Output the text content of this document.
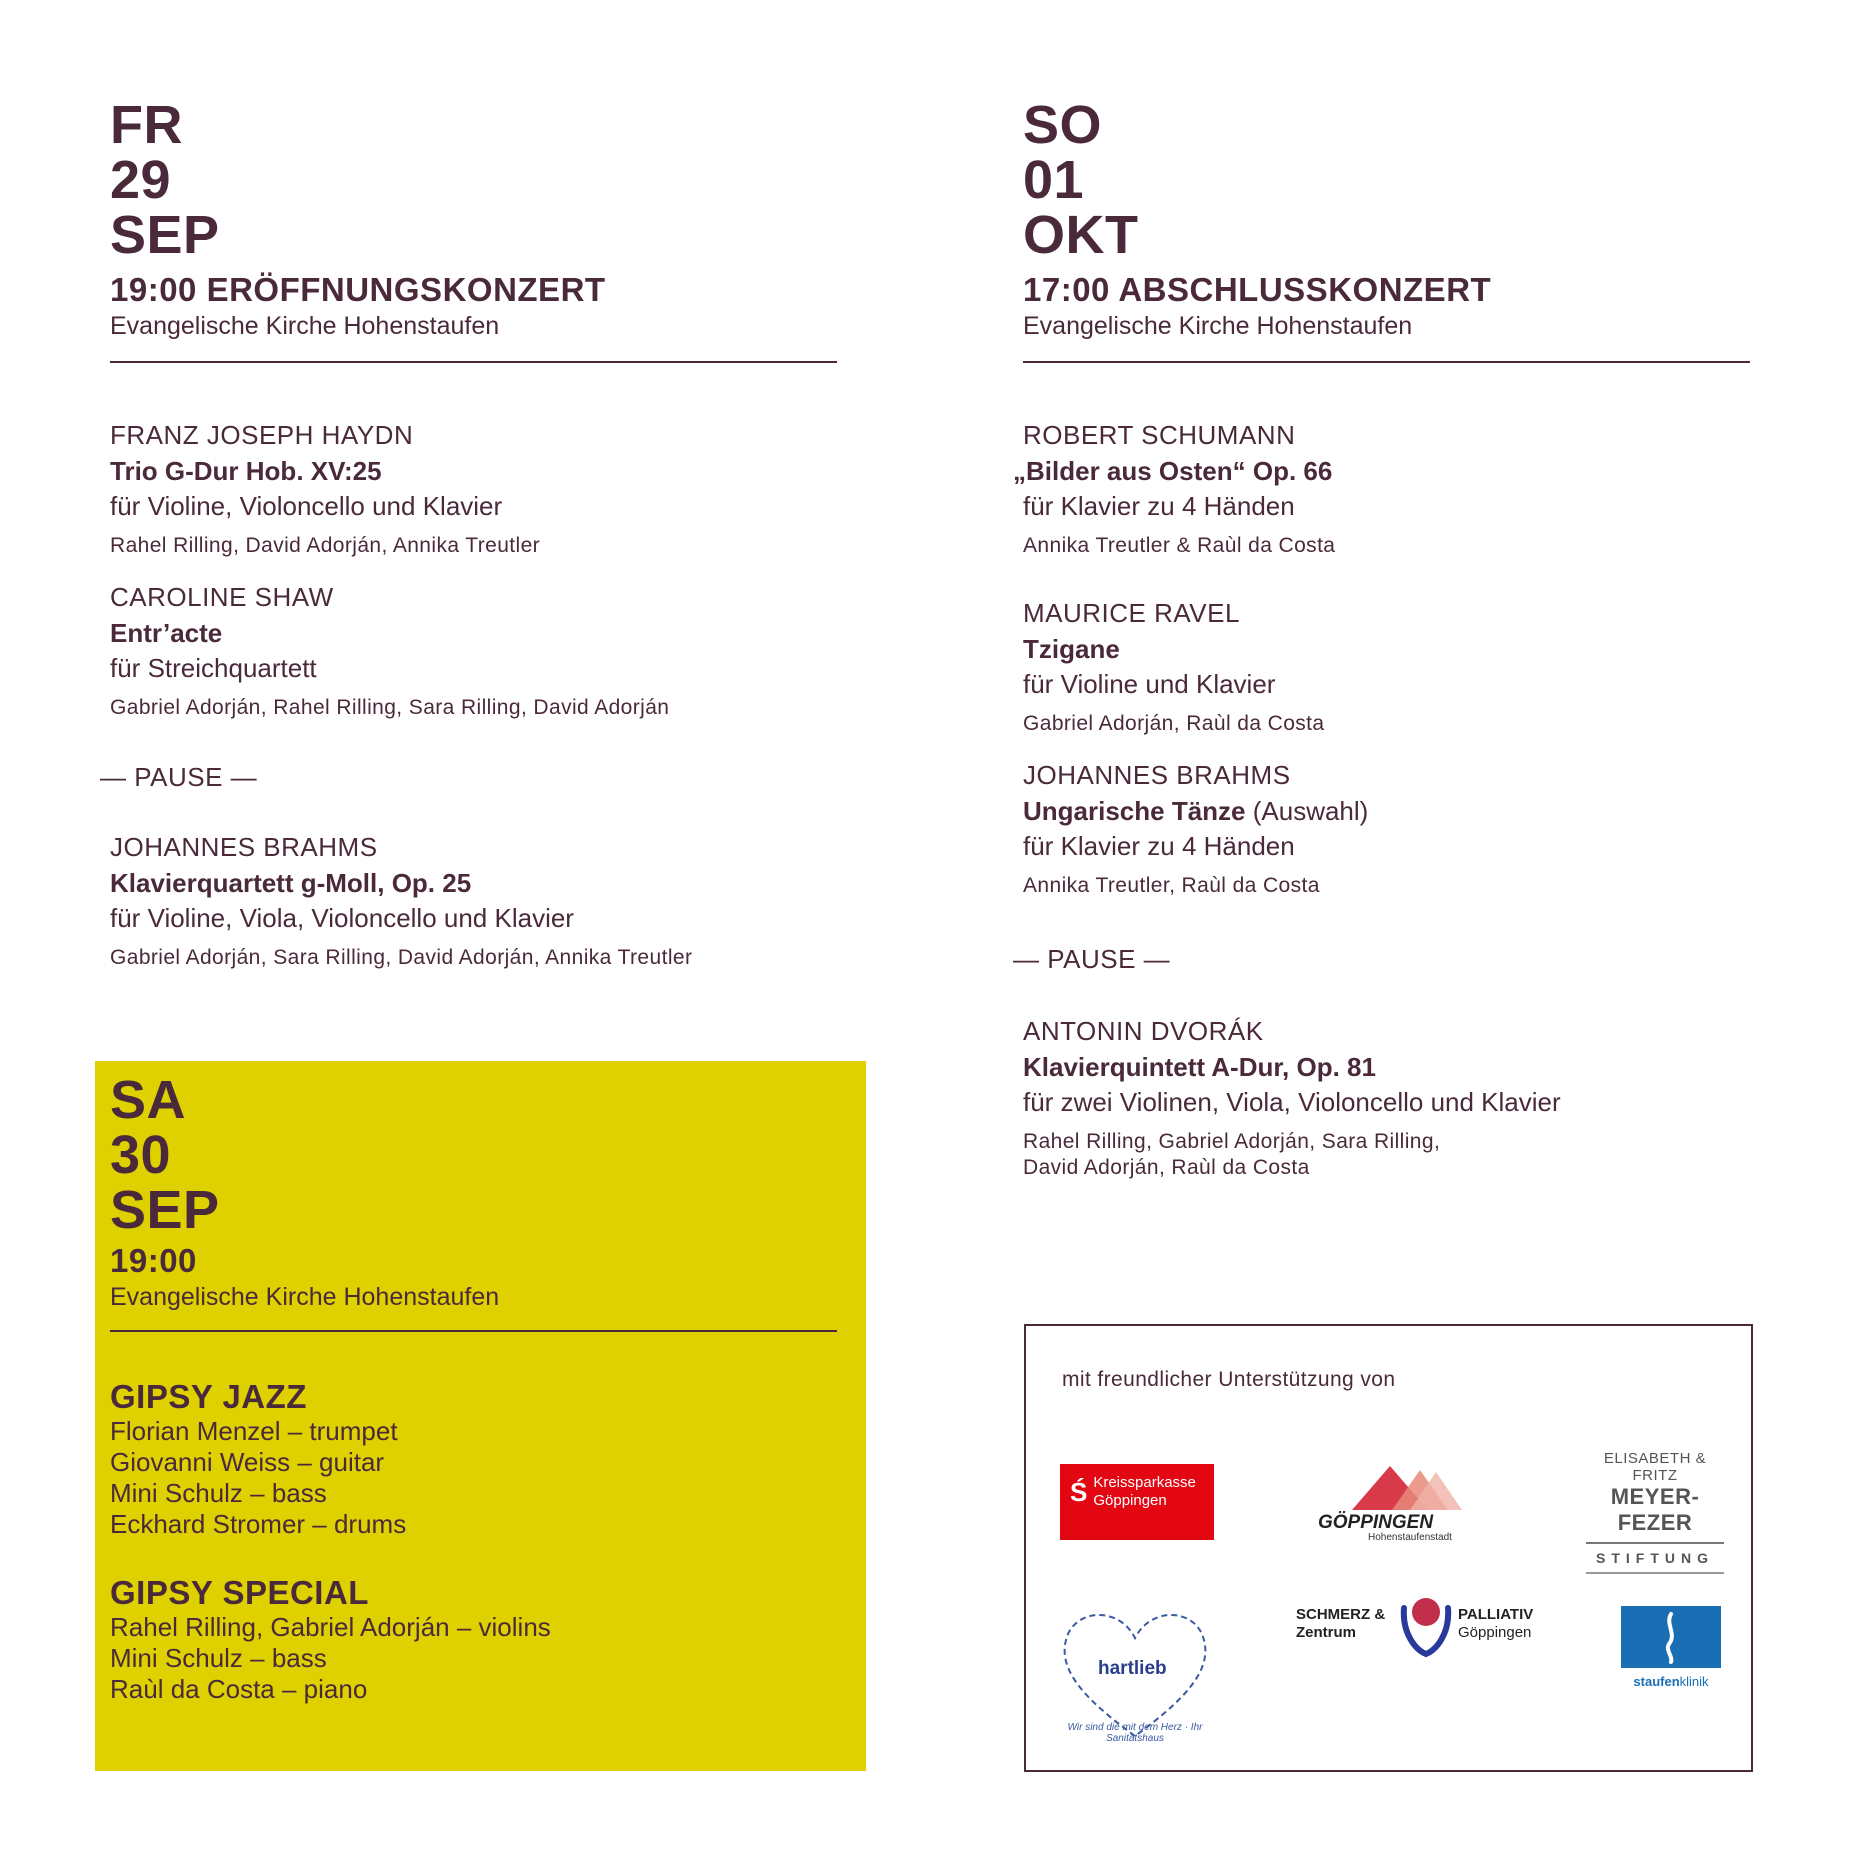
FR
29
SEP
19:00 ERÖFFNUNGSKONZERT
Evangelische Kirche Hohenstaufen
FRANZ JOSEPH HAYDN
Trio G-Dur Hob. XV:25
für Violine, Violoncello und Klavier
Rahel Rilling, David Adorján, Annika Treutler
CAROLINE SHAW
Entr’acte
für Streichquartett
Gabriel Adorján, Rahel Rilling, Sara Rilling, David Adorján
— PAUSE —
JOHANNES BRAHMS
Klavierquartett g-Moll, Op. 25
für Violine, Viola, Violoncello und Klavier
Gabriel Adorján, Sara Rilling, David Adorján, Annika Treutler
SA
30
SEP
19:00
Evangelische Kirche Hohenstaufen
GIPSY JAZZ
Florian Menzel – trumpet
Giovanni Weiss – guitar
Mini Schulz – bass
Eckhard Stromer – drums
GIPSY SPECIAL
Rahel Rilling, Gabriel Adorján – violins
Mini Schulz – bass
Raùl da Costa – piano
SO
01
OKT
17:00 ABSCHLUSSKONZERT
Evangelische Kirche Hohenstaufen
ROBERT SCHUMANN
„Bilder aus Osten“ Op. 66
für Klavier zu 4 Händen
Annika Treutler & Raùl da Costa
MAURICE RAVEL
Tzigane
für Violine und Klavier
Gabriel Adorján, Raùl da Costa
JOHANNES BRAHMS
Ungarische Tänze (Auswahl)
für Klavier zu 4 Händen
Annika Treutler, Raùl da Costa
— PAUSE —
ANTONIN DVORÁK
Klavierquintett A-Dur, Op. 81
für zwei Violinen, Viola, Violoncello und Klavier
Rahel Rilling, Gabriel Adorján, Sara Rilling,
David Adorján, Raùl da Costa
mit freundlicher Unterstützung von
Ś Kreissparkasse
Göppingen
GÖPPINGEN
Hohenstaufenstadt
ELISABETH & FRITZ
MEYER-FEZER
STIFTUNG
hartlieb
Wir sind die mit dem Herz · Ihr Sanitätshaus
SCHMERZ &
Zentrum
PALLIATIV
Göppingen
staufenklinik
